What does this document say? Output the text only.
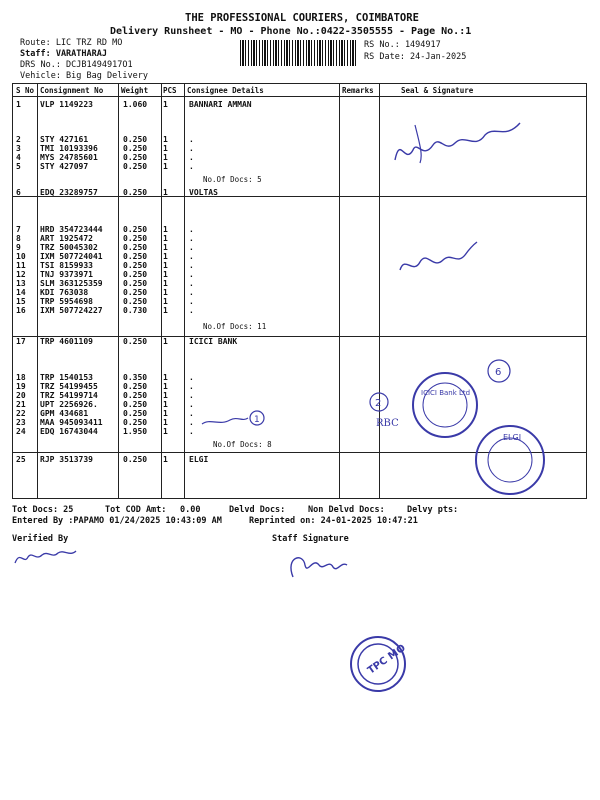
THE PROFESSIONAL COURIERS, COIMBATORE
Delivery Runsheet - MO - Phone No.:0422-3505555 - Page No.:1
Route: LIC TRZ RD MO
Staff: VARATHARAJ
DRS No.: DCJB1494917O1
Vehicle: Big Bag Delivery
RS No.: 1494917
RS Date: 24-Jan-2025
S No Consignment No Weight PCS Consignee Details	Remarks	Seal & Signature
1 VLP 1149223	1.060 1	BANNARI AMMAN
2 STY 427161	0.250 1	.
3 TMI 10193396	0.250 1	.
4 MYS 24785601	0.250 1	.
5 STY 427097	0.250 1	.
No.Of Docs: 5
6 EDQ 23289757	0.250 1	VOLTAS
7 HRD 354723444	0.250 1	.
8 ART 1925472	0.250 1	.
9 TRZ 50045302	0.250 1	.
10 IXM 507724041	0.250 1	.
11 TSI 8159933	0.250 1	.
12 TNJ 9373971	0.250 1	.
13 SLM 363125359	0.250 1	.
14 KDI 763038	0.250 1	.
15 TRP 5954698	0.250 1	.
16 IXM 507724227	0.730 1	.
No.Of Docs: 11
17 TRP 4601109	0.250 1	ICICI BANK
18 TRP 1540153	0.350 1	.
19 TRZ 54199455	0.250 1	.
20 TRZ 54199714	0.250 1	.
21 UPT 2256926.	0.250 1	.
22 GPM 434681	0.250 1	.
23 MAA 945093411	0.250 1	.
24 EDQ 16743044	1.950 1	.
No.Of Docs: 8
25 RJP 3513739	0.250 1	ELGI
ICICI Bank Ltd
ELGI
RBC
2
6
1
Tot Docs: 25	Tot COD Amt: 0.00	Delvd Docs:	Non Delvd Docs:	Delvy pts:
Entered By :PAPAMO 01/24/2025 10:43:09 AM	Reprinted on: 24-01-2025 10:47:21
Verified By	Staff Signature
TPC MO
